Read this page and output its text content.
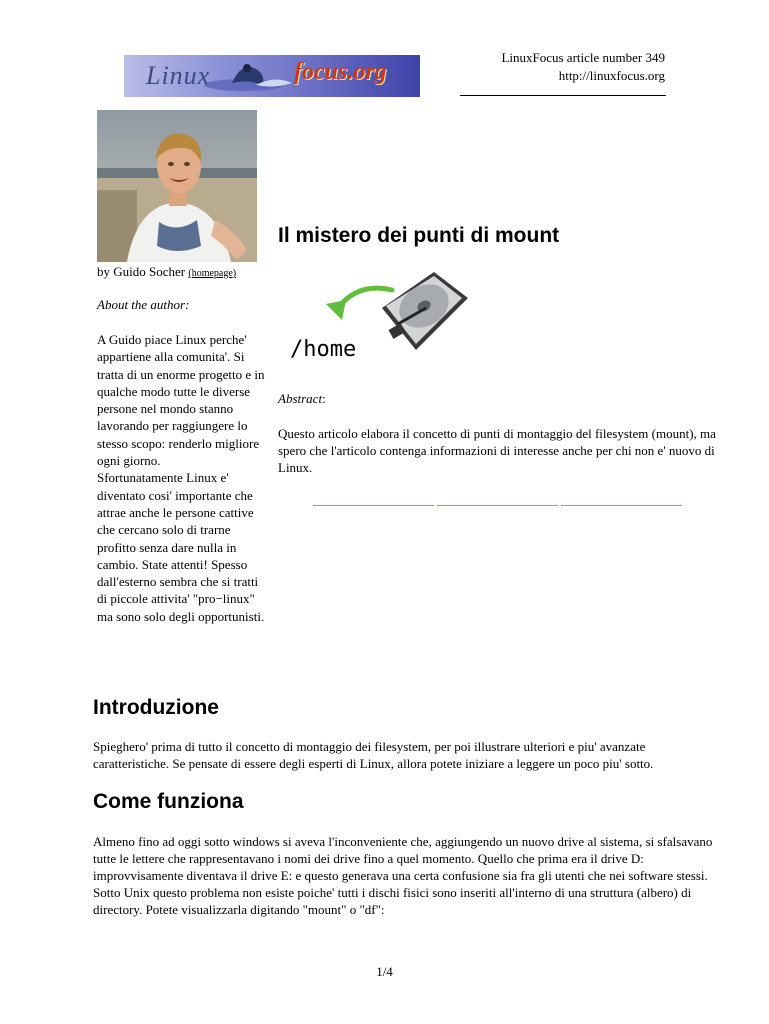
Linux	focus.org
LinuxFocus article number 349
http://linuxfocus.org
by Guido Socher (homepage)
About the author:
A Guido piace Linux perche' appartiene alla comunita'. Si tratta di un enorme progetto e in qualche modo tutte le diverse persone nel mondo stanno lavorando per raggiungere lo stesso scopo: renderlo migliore ogni giorno.
Sfortunatamente Linux e' diventato cosi' importante che attrae anche le persone cattive che cercano solo di trarne profitto senza dare nulla in cambio. State attenti! Spesso dall'esterno sembra che si tratti di piccole attivita' "pro−linux" ma sono solo degli opportunisti.
Il mistero dei punti di mount
/home
Abstract:
Questo articolo elabora il concetto di punti di montaggio del filesystem (mount), ma spero che l'articolo contenga informazioni di interesse anche per chi non e' nuovo di Linux.
Introduzione
Spieghero' prima di tutto il concetto di montaggio dei filesystem, per poi illustrare ulteriori e piu' avanzate caratteristiche. Se pensate di essere degli esperti di Linux, allora potete iniziare a leggere un poco piu' sotto.
Come funziona
Almeno fino ad oggi sotto windows si aveva l'inconveniente che, aggiungendo un nuovo drive al sistema, si sfalsavano tutte le lettere che rappresentavano i nomi dei drive fino a quel momento. Quello che prima era il drive D: improvvisamente diventava il drive E: e questo generava una certa confusione sia fra gli utenti che nei software stessi.
Sotto Unix questo problema non esiste poiche' tutti i dischi fisici sono inseriti all'interno di una struttura (albero) di directory. Potete visualizzarla digitando "mount" o "df":
1/4
